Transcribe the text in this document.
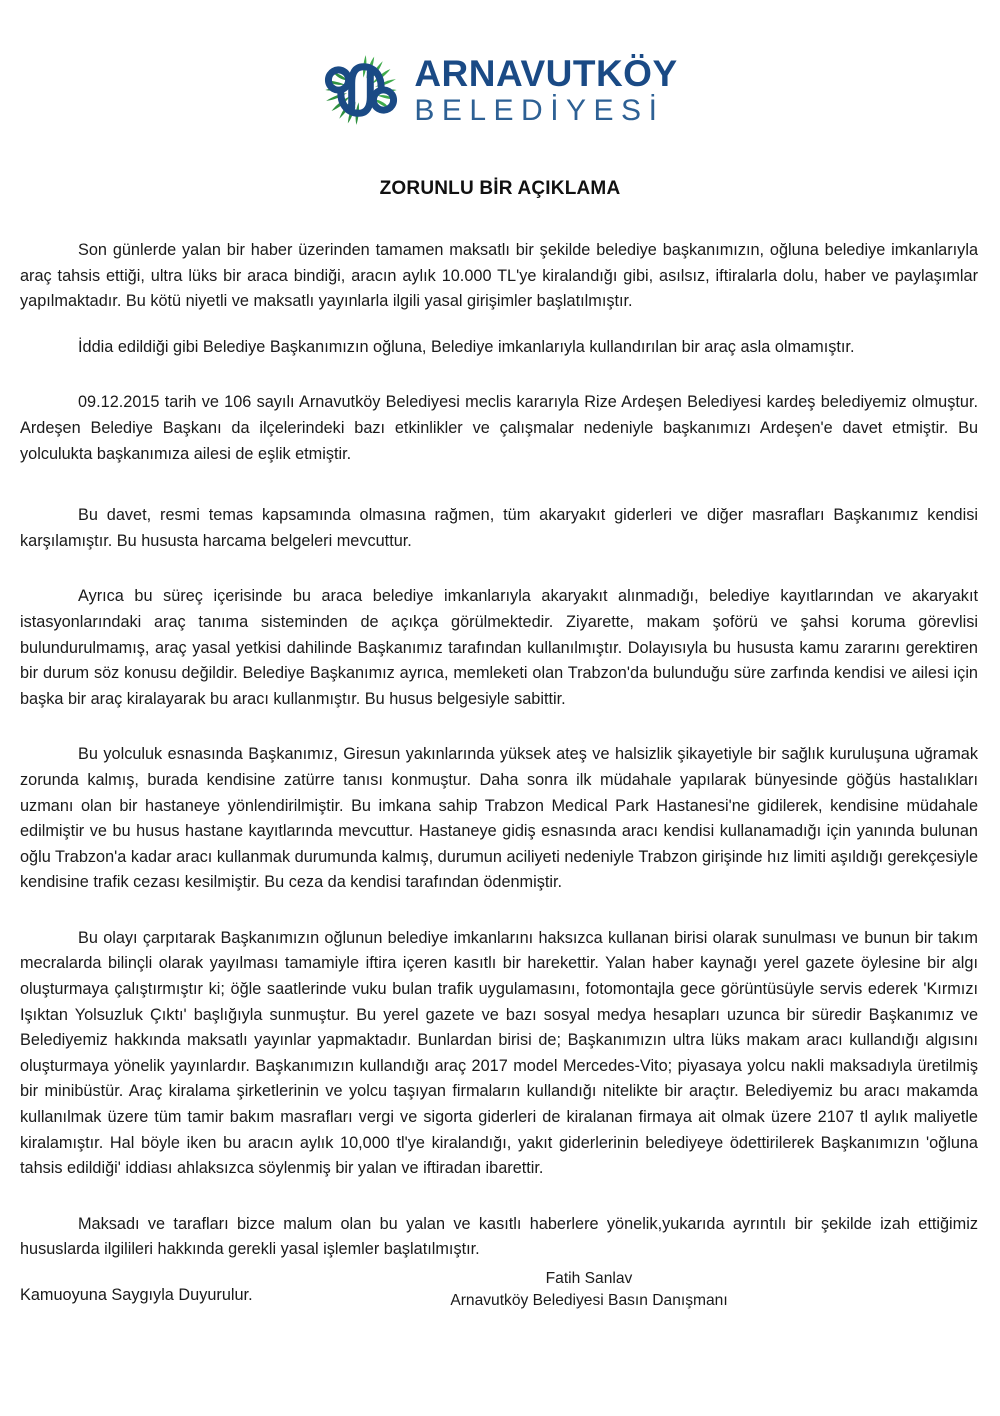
ARNAVUTKÖY
BELEDİYESİ
ZORUNLU BİR AÇIKLAMA

Son günlerde yalan bir haber üzerinden tamamen maksatlı bir şekilde belediye başkanımızın, oğluna belediye imkanlarıyla araç tahsis ettiği, ultra lüks bir araca bindiği, aracın aylık 10.000 TL'ye kiralandığı gibi, asılsız, iftiralarla dolu, haber ve paylaşımlar yapılmaktadır. Bu kötü niyetli ve maksatlı yayınlarla ilgili yasal girişimler başlatılmıştır.

İddia edildiği gibi Belediye Başkanımızın oğluna, Belediye imkanlarıyla kullandırılan bir araç asla olmamıştır.

09.12.2015 tarih ve 106 sayılı Arnavutköy Belediyesi meclis kararıyla Rize Ardeşen Belediyesi kardeş belediyemiz olmuştur. Ardeşen Belediye Başkanı da ilçelerindeki bazı etkinlikler ve çalışmalar nedeniyle başkanımızı Ardeşen'e davet etmiştir. Bu yolculukta başkanımıza ailesi de eşlik etmiştir.

Bu davet, resmi temas kapsamında olmasına rağmen, tüm akaryakıt giderleri ve diğer masrafları Başkanımız kendisi karşılamıştır. Bu hususta harcama belgeleri mevcuttur.

Ayrıca bu süreç içerisinde bu araca belediye imkanlarıyla akaryakıt alınmadığı, belediye kayıtlarından ve akaryakıt istasyonlarındaki araç tanıma sisteminden de açıkça görülmektedir. Ziyarette, makam şoförü ve şahsi koruma görevlisi bulundurulmamış, araç yasal yetkisi dahilinde Başkanımız tarafından kullanılmıştır. Dolayısıyla bu hususta kamu zararını gerektiren bir durum söz konusu değildir. Belediye Başkanımız ayrıca, memleketi olan Trabzon'da bulunduğu süre zarfında kendisi ve ailesi için başka bir araç kiralayarak bu aracı kullanmıştır. Bu husus belgesiyle sabittir.

Bu yolculuk esnasında Başkanımız, Giresun yakınlarında yüksek ateş ve halsizlik şikayetiyle bir sağlık kuruluşuna uğramak zorunda kalmış, burada kendisine zatürre tanısı konmuştur. Daha sonra ilk müdahale yapılarak bünyesinde göğüs hastalıkları uzmanı olan bir hastaneye yönlendirilmiştir. Bu imkana sahip Trabzon Medical Park Hastanesi'ne gidilerek, kendisine müdahale edilmiştir ve bu husus hastane kayıtlarında mevcuttur. Hastaneye gidiş esnasında aracı kendisi kullanamadığı için yanında bulunan oğlu Trabzon'a kadar aracı kullanmak durumunda kalmış, durumun aciliyeti nedeniyle Trabzon girişinde hız limiti aşıldığı gerekçesiyle kendisine trafik cezası kesilmiştir. Bu ceza da kendisi tarafından ödenmiştir.

Bu olayı çarpıtarak Başkanımızın oğlunun belediye imkanlarını haksızca kullanan birisi olarak sunulması ve bunun bir takım mecralarda bilinçli olarak yayılması tamamiyle iftira içeren kasıtlı bir harekettir. Yalan haber kaynağı yerel gazete öylesine bir algı oluşturmaya çalıştırmıştır ki; öğle saatlerinde vuku bulan trafik uygulamasını, fotomontajla gece görüntüsüyle servis ederek 'Kırmızı Işıktan Yolsuzluk Çıktı' başlığıyla sunmuştur. Bu yerel gazete ve bazı sosyal medya hesapları uzunca bir süredir Başkanımız ve Belediyemiz hakkında maksatlı yayınlar yapmaktadır. Bunlardan birisi de; Başkanımızın ultra lüks makam aracı kullandığı algısını oluşturmaya yönelik yayınlardır. Başkanımızın kullandığı araç 2017 model Mercedes-Vito; piyasaya yolcu nakli maksadıyla üretilmiş bir minibüstür. Araç kiralama şirketlerinin ve yolcu taşıyan firmaların kullandığı nitelikte bir araçtır. Belediyemiz bu aracı makamda kullanılmak üzere tüm tamir bakım masrafları vergi ve sigorta giderleri de kiralanan firmaya ait olmak üzere 2107 tl aylık maliyetle kiralamıştır. Hal böyle iken bu aracın aylık 10,000 tl'ye kiralandığı, yakıt giderlerinin belediyeye ödettirilerek Başkanımızın 'oğluna tahsis edildiği' iddiası ahlaksızca söylenmiş bir yalan ve iftiradan ibarettir.

Maksadı ve tarafları bizce malum olan bu yalan ve kasıtlı haberlere yönelik,yukarıda ayrıntılı bir şekilde izah ettiğimiz hususlarda ilgilileri hakkında gerekli yasal işlemler başlatılmıştır.

Kamuoyuna Saygıyla Duyurulur.

Fatih Sanlav
Arnavutköy Belediyesi Basın Danışmanı
